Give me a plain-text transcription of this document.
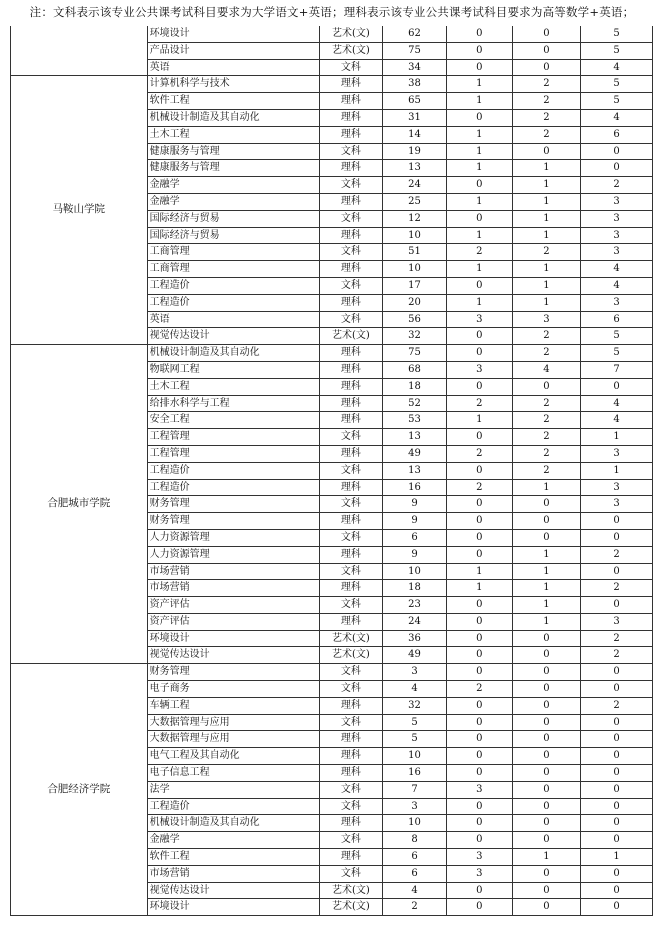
注：文科表示该专业公共课考试科目要求为大学语文+英语；理科表示该专业公共课考试科目要求为高等数学+英语；
	环境设计	艺术(文)	62	0	0	5
	产品设计	艺术(文)	75	0	0	5
	英语	文科	34	0	0	4
马鞍山学院	计算机科学与技术	理科	38	1	2	5
	软件工程	理科	65	1	2	5
	机械设计制造及其自动化	理科	31	0	2	4
	土木工程	理科	14	1	2	6
	健康服务与管理	文科	19	1	0	0
	健康服务与管理	理科	13	1	1	0
	金融学	文科	24	0	1	2
	金融学	理科	25	1	1	3
	国际经济与贸易	文科	12	0	1	3
	国际经济与贸易	理科	10	1	1	3
	工商管理	文科	51	2	2	3
	工商管理	理科	10	1	1	4
	工程造价	文科	17	0	1	4
	工程造价	理科	20	1	1	3
	英语	文科	56	3	3	6
	视觉传达设计	艺术(文)	32	0	2	5
合肥城市学院	机械设计制造及其自动化	理科	75	0	2	5
	物联网工程	理科	68	3	4	7
	土木工程	理科	18	0	0	0
	给排水科学与工程	理科	52	2	2	4
	安全工程	理科	53	1	2	4
	工程管理	文科	13	0	2	1
	工程管理	理科	49	2	2	3
	工程造价	文科	13	0	2	1
	工程造价	理科	16	2	1	3
	财务管理	文科	9	0	0	3
	财务管理	理科	9	0	0	0
	人力资源管理	文科	6	0	0	0
	人力资源管理	理科	9	0	1	2
	市场营销	文科	10	1	1	0
	市场营销	理科	18	1	1	2
	资产评估	文科	23	0	1	0
	资产评估	理科	24	0	1	3
	环境设计	艺术(文)	36	0	0	2
	视觉传达设计	艺术(文)	49	0	0	2
合肥经济学院	财务管理	文科	3	0	0	0
	电子商务	文科	4	2	0	0
	车辆工程	理科	32	0	0	2
	大数据管理与应用	文科	5	0	0	0
	大数据管理与应用	理科	5	0	0	0
	电气工程及其自动化	理科	10	0	0	0
	电子信息工程	理科	16	0	0	0
	法学	文科	7	3	0	0
	工程造价	文科	3	0	0	0
	机械设计制造及其自动化	理科	10	0	0	0
	金融学	文科	8	0	0	0
	软件工程	理科	6	3	1	1
	市场营销	文科	6	3	0	0
	视觉传达设计	艺术(文)	4	0	0	0
	环境设计	艺术(文)	2	0	0	0
